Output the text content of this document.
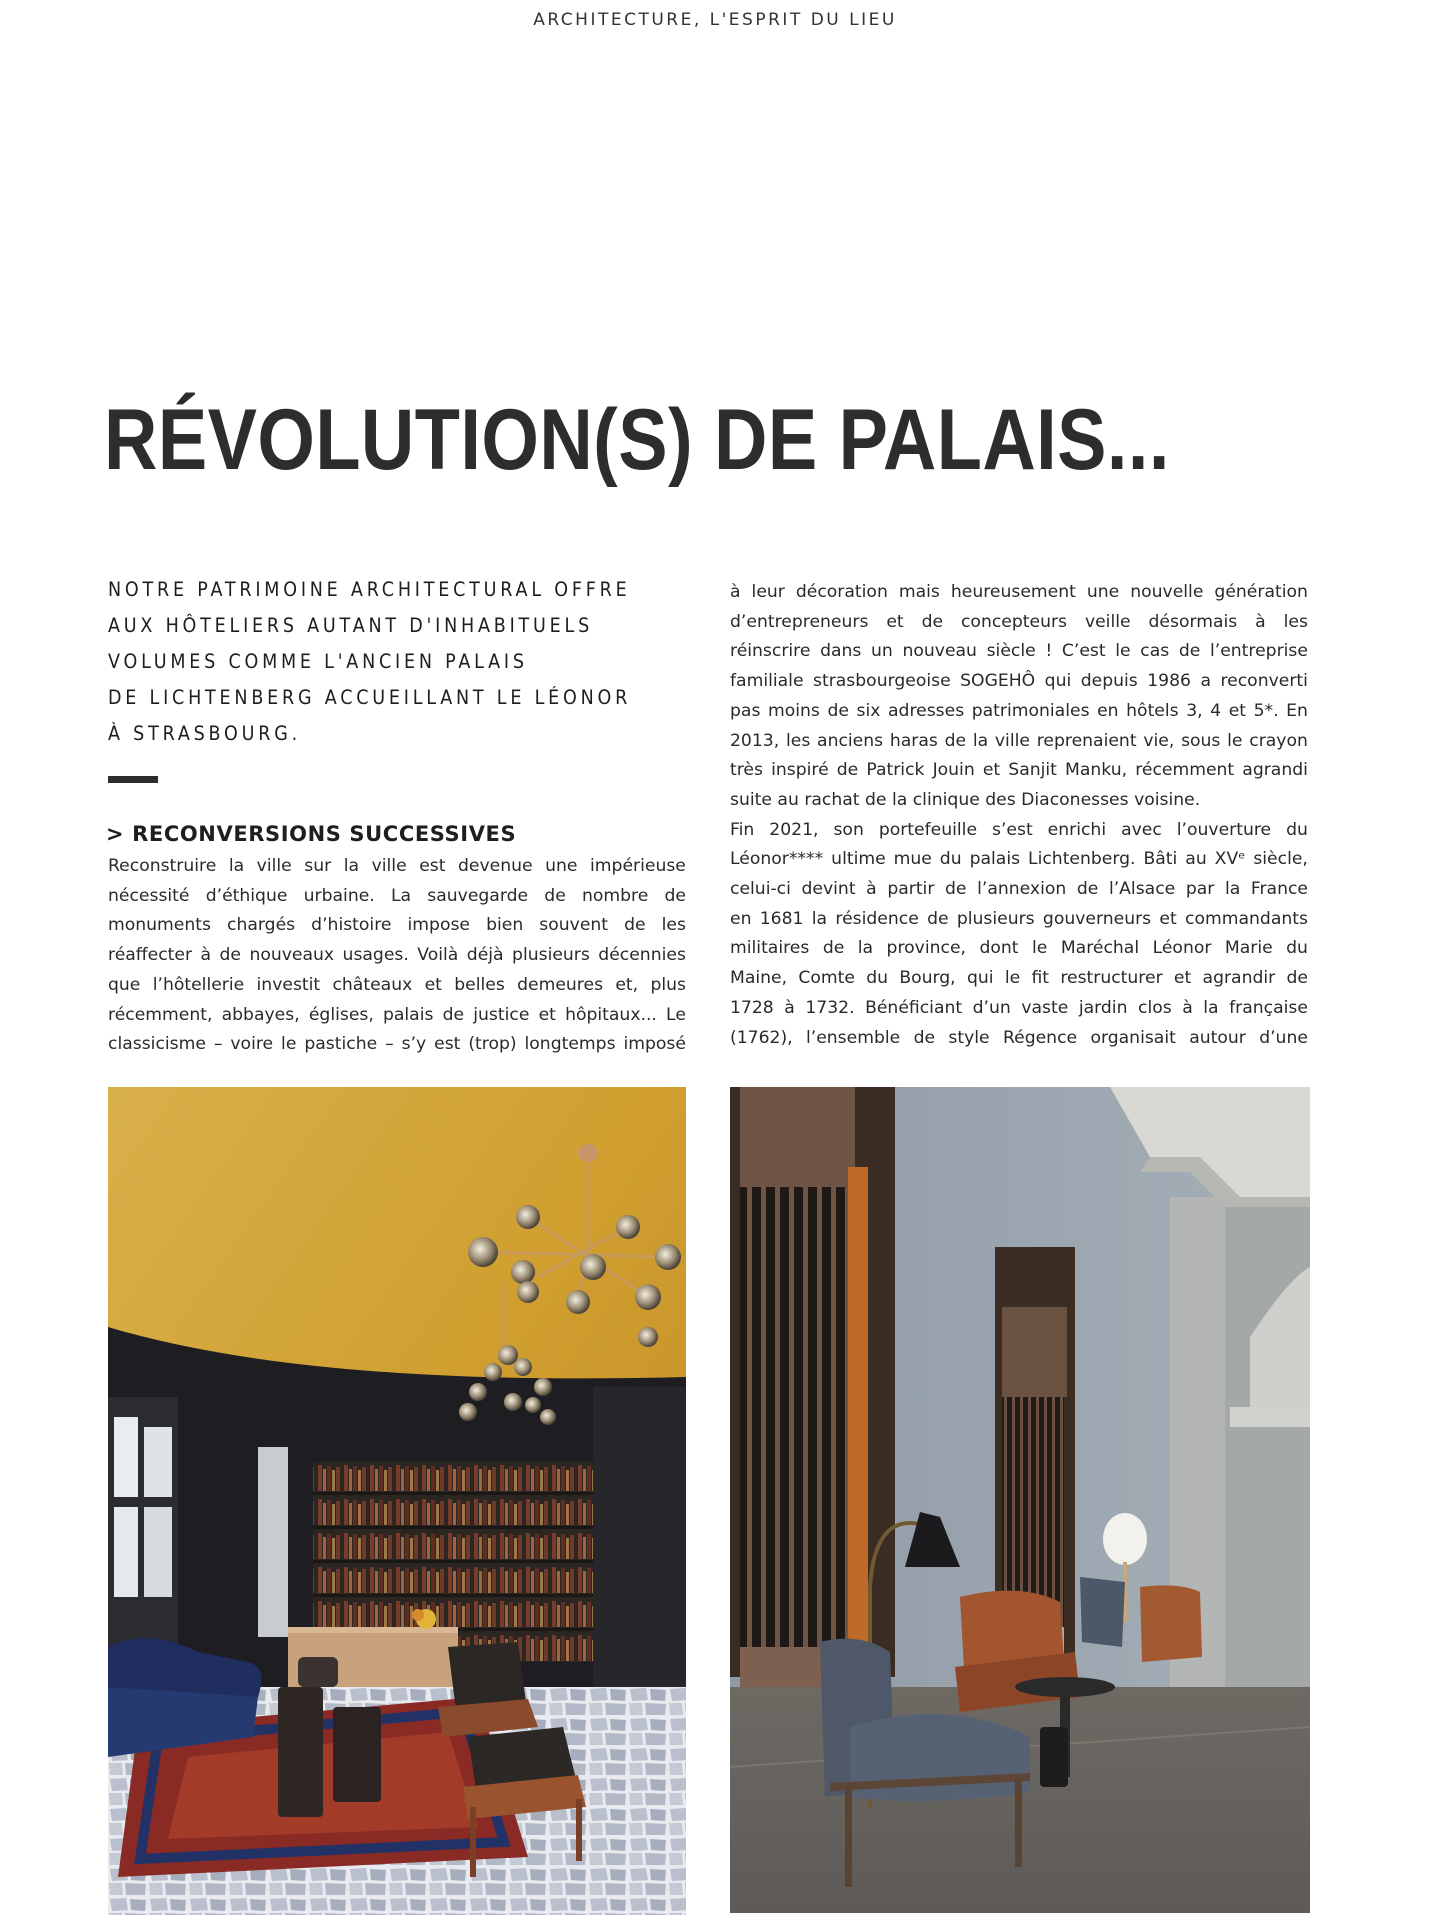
ARCHITECTURE, L'ESPRIT DU LIEU
RÉVOLUTION(S) DE PALAIS...
NOTRE PATRIMOINE ARCHITECTURAL OFFRE
AUX HÔTELIERS AUTANT D'INHABITUELS
VOLUMES COMME L'ANCIEN PALAIS
DE LICHTENBERG ACCUEILLANT LE LÉONOR
À STRASBOURG.
> RECONVERSIONS SUCCESSIVES
Reconstruire la ville sur la ville est devenue une impérieuse
nécessité d’éthique urbaine. La sauvegarde de nombre de
monuments chargés d’histoire impose bien souvent de les
réaffecter à de nouveaux usages. Voilà déjà plusieurs décennies
que l’hôtellerie investit châteaux et belles demeures et, plus
récemment, abbayes, églises, palais de justice et hôpitaux... Le
classicisme – voire le pastiche – s’y est (trop) longtemps imposé
à leur décoration mais heureusement une nouvelle génération
d’entrepreneurs et de concepteurs veille désormais à les
réinscrire dans un nouveau siècle ! C’est le cas de l’entreprise
familiale strasbourgeoise SOGEHÔ qui depuis 1986 a reconverti
pas moins de six adresses patrimoniales en hôtels 3, 4 et 5*. En
2013, les anciens haras de la ville reprenaient vie, sous le crayon
très inspiré de Patrick Jouin et Sanjit Manku, récemment agrandi
suite
au
rachat
de
la
clinique
des
Diaconesses
voisine.

Fin 2021, son portefeuille s’est enrichi avec l’ouverture du
Léonor**** ultime mue du palais Lichtenberg. Bâti au XVᵉ siècle,
celui-ci devint à partir de l’annexion de l’Alsace par la France
en 1681 la résidence de plusieurs gouverneurs et commandants
militaires de la province, dont le Maréchal Léonor Marie du
Maine, Comte du Bourg, qui le fit restructurer et agrandir de
1728 à 1732. Bénéficiant d’un vaste jardin clos à la française
(1762), l’ensemble de style Régence organisait autour d’une
